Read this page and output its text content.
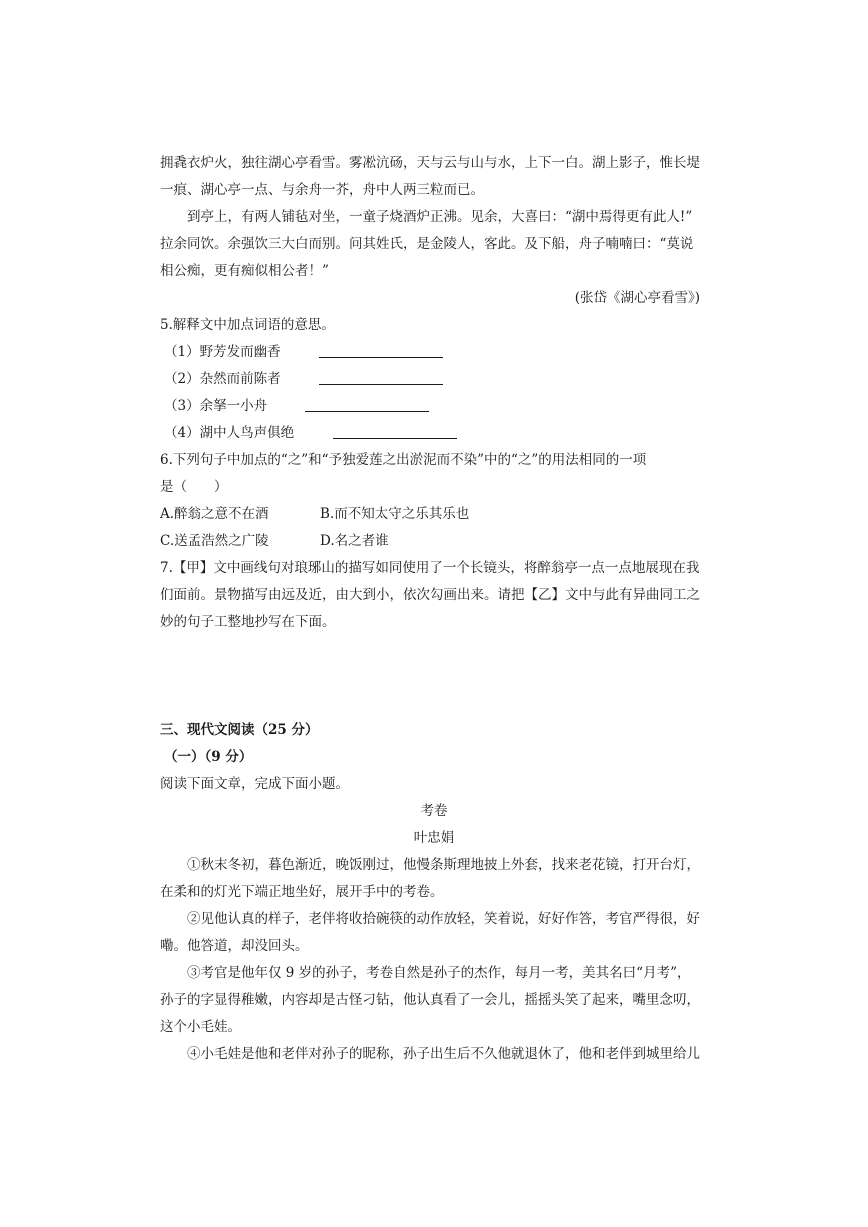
拥毳衣炉火，独往湖心亭看雪。雾凇沆砀，天与云与山与水，上下一白。湖上影子，惟长堤
一痕、湖心亭一点、与余舟一芥，舟中人两三粒而已。
到亭上，有两人铺毡对坐，一童子烧酒炉正沸。见余，大喜曰：“湖中焉得更有此人!”
拉余同饮。余强饮三大白而别。问其姓氏，是金陵人，客此。及下船，舟子喃喃曰：“莫说
相公痴，更有痴似相公者！”
(张岱《湖心亭看雪》)
5.解释文中加点词语的意思。
（1）野芳发而幽香
（2）杂然而前陈者
（3）余拏一小舟
（4）湖中人鸟声俱绝
6.下列句子中加点的“之”和“予独爱莲之出淤泥而不染”中的“之”的用法相同的一项
是（　　）
A.醉翁之意不在酒	B.而不知太守之乐其乐也
C.送孟浩然之广陵	D.名之者谁
7.【甲】文中画线句对琅琊山的描写如同使用了一个长镜头，将醉翁亭一点一点地展现在我
们面前。景物描写由远及近，由大到小，依次勾画出来。请把【乙】文中与此有异曲同工之
妙的句子工整地抄写在下面。
三、现代文阅读（25 分）
（一）（9 分）
阅读下面文章，完成下面小题。
考卷
叶忠娟
①秋末冬初，暮色渐近，晚饭刚过，他慢条斯理地披上外套，找来老花镜，打开台灯，
在柔和的灯光下端正地坐好，展开手中的考卷。
②见他认真的样子，老伴将收拾碗筷的动作放轻，笑着说，好好作答，考官严得很，好
嘞。他答道，却没回头。
③考官是他年仅 9 岁的孙子，考卷自然是孙子的杰作，每月一考，美其名曰“月考”，
孙子的字显得稚嫩，内容却是古怪刁钻，他认真看了一会儿，摇摇头笑了起来，嘴里念叨，
这个小毛娃。
④小毛娃是他和老伴对孙子的昵称，孙子出生后不久他就退休了，他和老伴到城里给儿
